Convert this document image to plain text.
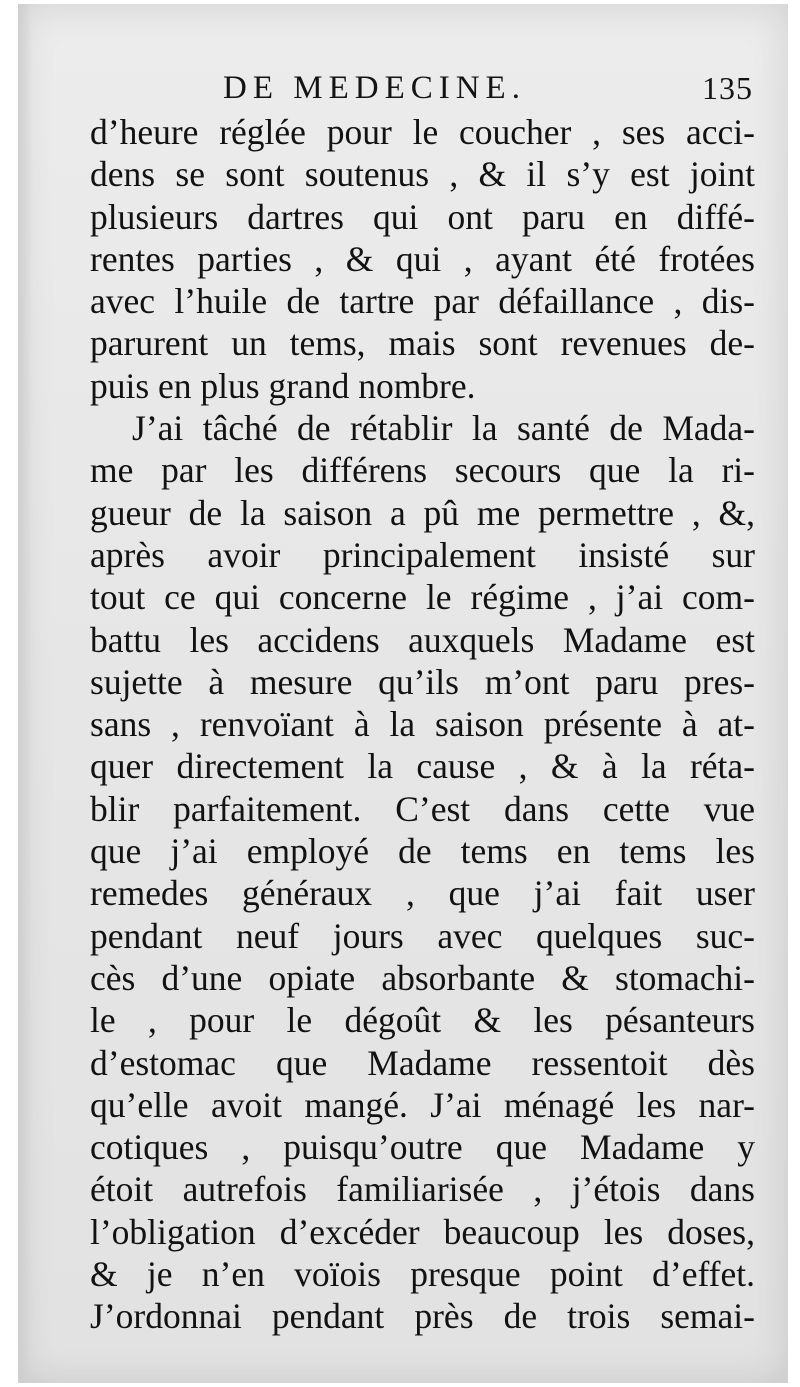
DE MEDECINE.	135
d’heure réglée pour le coucher , ses acci-
dens se sont soutenus , & il s’y est joint
plusieurs dartres qui ont paru en diffé-
rentes parties , & qui , ayant été frotées
avec l’huile de tartre par défaillance , dis-
parurent un tems, mais sont revenues de-
puis en plus grand nombre.
J’ai tâché de rétablir la santé de Mada-
me par les différens secours que la ri-
gueur de la saison a pû me permettre , &,
après avoir principalement insisté sur
tout ce qui concerne le régime , j’ai com-
battu les accidens auxquels Madame est
sujette à mesure qu’ils m’ont paru pres-
sans , renvoïant à la saison présente à at-
quer directement la cause , & à la réta-
blir parfaitement. C’est dans cette vue
que j’ai employé de tems en tems les
remedes généraux , que j’ai fait user
pendant neuf jours avec quelques suc-
cès d’une opiate absorbante & stomachi-
le , pour le dégoût & les pésanteurs
d’estomac que Madame ressentoit dès
qu’elle avoit mangé. J’ai ménagé les nar-
cotiques , puisqu’outre que Madame y
étoit autrefois familiarisée , j’étois dans
l’obligation d’excéder beaucoup les doses,
& je n’en voïois presque point d’effet.
J’ordonnai pendant près de trois semai-
